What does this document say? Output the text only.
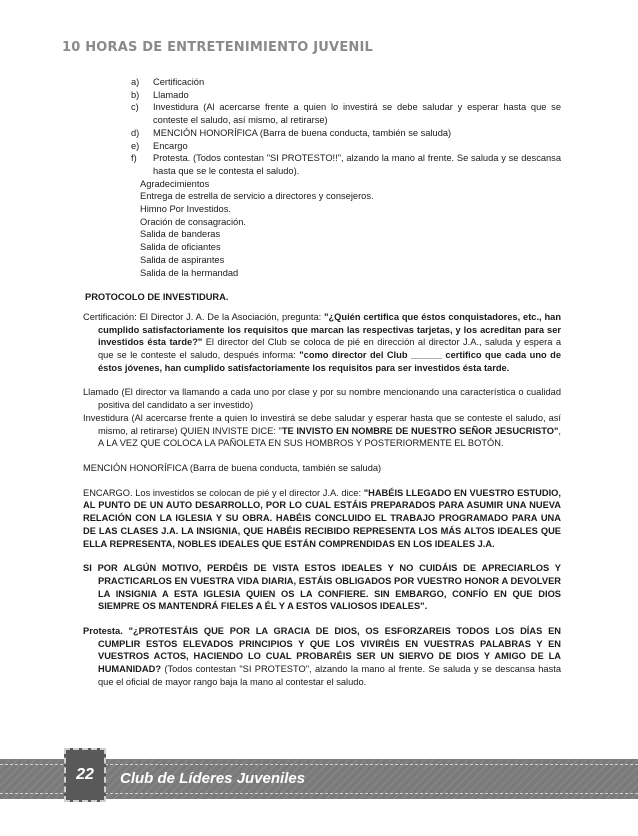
10 HORAS DE ENTRETENIMIENTO JUVENIL
a)	Certificación
b)	Llamado
c)	Investidura (Al acercarse frente a quien lo investirá se debe saludar y esperar hasta que se conteste el saludo, así mismo, al retirarse)
d)	MENCIÓN HONORÍFICA (Barra de buena conducta, también se saluda)
e)	Encargo
f)	Protesta. (Todos contestan "SI PROTESTO!!", alzando la mano al frente. Se saluda y se descansa hasta que se le contesta el saludo).
Agradecimientos
Entrega de estrella de servicio a directores y consejeros.
Himno Por Investidos.
Oración de consagración.
Salida de banderas
Salida de oficiantes
Salida de aspirantes
Salida de la hermandad
PROTOCOLO DE INVESTIDURA.

Certificación: El Director J. A. De la Asociación, pregunta: "¿Quién certifica que éstos conquistadores, etc., han cumplido satisfactoriamente los requisitos que marcan las respectivas tarjetas, y los acreditan para ser investidos ésta tarde?" El director del Club se coloca de pié en dirección al director J.A., saluda y espera a que se le conteste el saludo, después informa: "como director del Club ______ certifico que cada uno de éstos jóvenes, han cumplido satisfactoriamente los requisitos para ser investidos ésta tarde.

Llamado (El director va llamando a cada uno por clase y por su nombre mencionando una característica o cualidad positiva del candidato a ser investido)

Investidura (Al acercarse frente a quien lo investirá se debe saludar y esperar hasta que se conteste el saludo, así mismo, al retirarse) QUIEN INVISTE DICE: "TE INVISTO EN NOMBRE DE NUESTRO SEÑOR JESUCRISTO", A LA VEZ QUE COLOCA LA PAÑOLETA EN SUS HOMBROS Y POSTERIORMENTE EL BOTÓN.

MENCIÓN HONORÍFICA (Barra de buena conducta, también se saluda)

ENCARGO. Los investidos se colocan de pié y el director J.A. dice: "HABÉIS LLEGADO EN VUESTRO ESTUDIO, AL PUNTO DE UN AUTO DESARROLLO, POR LO CUAL ESTÁIS PREPARADOS PARA ASUMIR UNA NUEVA RELACIÓN CON LA IGLESIA Y SU OBRA. HABÉIS CONCLUIDO EL TRABAJO PROGRAMADO PARA UNA DE LAS CLASES J.A. LA INSIGNIA, QUE HABÉIS RECIBIDO REPRESENTA LOS MÁS ALTOS IDEALES QUE ELLA REPRESENTA, NOBLES IDEALES QUE ESTÁN COMPRENDIDAS EN LOS IDEALES J.A.

SI POR ALGÚN MOTIVO, PERDÉIS DE VISTA ESTOS IDEALES Y NO CUIDÁIS DE APRECIARLOS Y PRACTICARLOS EN VUESTRA VIDA DIARIA, ESTÁIS OBLIGADOS POR VUESTRO HONOR A DEVOLVER LA INSIGNIA A ESTA IGLESIA QUIEN OS LA CONFIERE. SIN EMBARGO, CONFÍO EN QUE DIOS SIEMPRE OS MANTENDRÁ FIELES A ÉL Y A ESTOS VALIOSOS IDEALES".

Protesta. "¿PROTESTÁIS QUE POR LA GRACIA DE DIOS, OS ESFORZAREIS TODOS LOS DÍAS EN CUMPLIR ESTOS ELEVADOS PRINCIPIOS Y QUE LOS VIVIRÉIS EN VUESTRAS PALABRAS Y EN VUESTROS ACTOS, HACIENDO LO CUAL PROBARÉIS SER UN SIERVO DE DIOS Y AMIGO DE LA HUMANIDAD? (Todos contestan "SI PROTESTO", alzando la mano al frente. Se saluda y se descansa hasta que el oficial de mayor rango baja la mano al contestar el saludo.

22	Club de Líderes Juveniles
